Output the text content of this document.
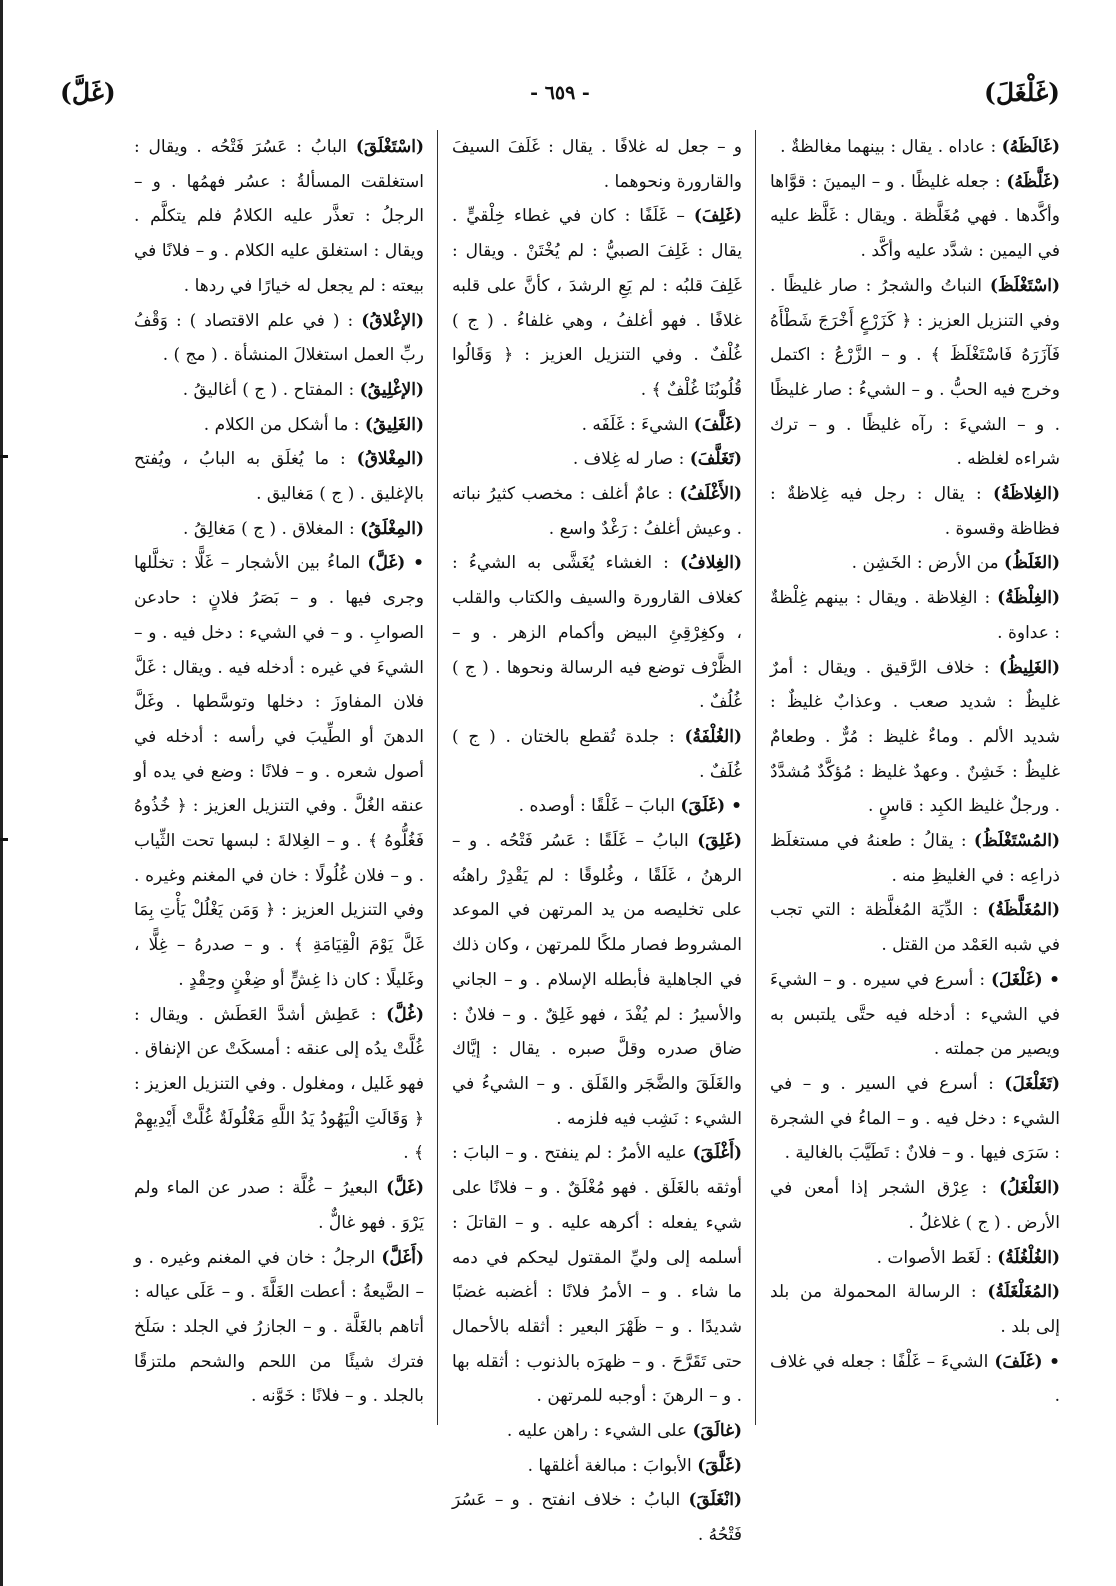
(غَلْغَلَ)
- ٦٥٩ -
(غَلَّ)

(غَالَظَهُ) : عاداه . يقال : بينهما مغالظةٌ .

(غَلَّظَهُ) : جعله غليظًا . و – اليمينَ : قوَّاها وأكَّدها . فهي مُغَلَّظة . ويقال : غَلَّظ عليه في اليمين : شدَّد عليه وأكَّد .

(اسْتَغْلَظَ) النباتُ والشجرُ : صار غليظًا . وفي التنزيل العزيز : ﴿ كَزَرْعٍ أَخْرَجَ شَطْأَهُ فَآزَرَهُ فَاسْتَغْلَظَ ﴾ . و – الزَّرْعُ : اكتمل وخرج فيه الحبُّ . و – الشيءُ : صار غليظًا . و – الشيءَ : رآه غليظًا . و – ترك شراءه لغلظه .

(الغِلاظَةُ) : يقال : رجل فيه غِلاظةٌ : فظاظة وقسوة .

(الغَلَظُ) من الأرض : الخَشِن .

(الغِلْظَةُ) : الغِلاظة . ويقال : بينهم غِلْظةٌ : عداوة .

(الغَلِيظُ) : خلاف الرَّقيق . ويقال : أمرٌ غليظٌ : شديد صعب . وعذابٌ غليظٌ : شديد الألم . وماءٌ غليظ : مُرٌّ . وطعامٌ غليظٌ : خَشِنٌ . وعهدٌ غليظ : مُؤكَّدٌ مُشدَّدٌ . ورجلٌ غليظ الكبِد : قاسٍ .

(المُسْتَغْلَظُ) : يقالُ : طعنهُ في مستغلَظ ذراعِه : في الغليظِ منه .

(المُغَلَّظَةُ) : الدِّيَة المُغلَّظة : التي تجب في شبه العَمْد من القتل .

• (غَلْغَلَ) : أسرع في سيره . و – الشيءَ في الشيء : أدخله فيه حتَّى يلتبس به ويصير من جملته .

(تَغَلْغَلَ) : أسرع في السير . و – في الشيء : دخل فيه . و – الماءُ في الشجرة : سَرَى فيها . و – فلانٌ : تَطَيَّبَ بالغالية .

(الغَلْغَلُ) : عِرْق الشجر إذا أمعن في الأرض . ( ج ) غلاغلُ .

(الغُلْغُلَةُ) : لَغَط الأصوات .

(المُغَلْغَلَةُ) : الرسالة المحمولة من بلد إلى بلد .

• (غَلَفَ) الشيءَ – غَلْفًا : جعله في غلاف .

و – جعل له غلافًا . يقال : غَلَفَ السيفَ والقارورة ونحوهما .

(غَلِفَ) – غَلَفًا : كان في غطاء خِلْقيٍّ . يقال : غَلِفَ الصبيُّ : لم يُخْتَنْ . ويقال : غَلِفَ قلبُه : لم يَعِ الرشدَ ، كأنَّ على قلبه غلافًا . فهو أغلفُ ، وهي غلفاءُ . ( ج ) غُلْفٌ . وفي التنزيل العزيز : ﴿ وَقَالُوا قُلُوبُنَا غُلْفٌ ﴾ .

(غَلَّفَ) الشيءَ : غَلَفَه .

(تَغَلَّفَ) : صار له غِلاف .

(الأَغْلَفُ) : عامٌ أغلف : مخصب كثيرُ نباته . وعيش أغلفُ : رَغْدٌ واسع .

(الغِلافُ) : الغشاء يُغَشَّى به الشيءُ : كغلاف القارورة والسيف والكتاب والقلب ، وكغِرْقِئِ البيض وأكمام الزهر . و – الظَّرْف توضع فيه الرسالة ونحوها . ( ج ) غُلُفٌ .

(الغُلْفَةُ) : جلدة تُقطع بالختان . ( ج ) غُلَفٌ .

• (غَلَقَ) البابَ – غَلْقًا : أوصده .

(غَلِقَ) البابُ – غَلَقًا : عَسُر فَتْحُه . و – الرهنُ ، غَلَقًا ، وغُلوقًا : لم يَقْدِرْ راهنُه على تخليصه من يد المرتهن في الموعد المشروط فصار ملكًا للمرتهن ، وكان ذلك في الجاهلية فأبطله الإسلام . و – الجاني والأسيرُ : لم يُفْدَ ، فهو غَلِقٌ . و – فلانٌ : ضاق صدره وقلَّ صبره . يقال : إيَّاك والغَلَقَ والضَّجَر والقَلَق . و – الشيءُ في الشيء : نَشِب فيه فلزمه .

(أَغْلَقَ) عليه الأمرُ : لم ينفتح . و – البابَ : أوثقه بالغَلَق . فهو مُغْلَقٌ . و – فلانًا على شيء يفعله : أكرهه عليه . و – القاتلَ : أسلمه إلى وليِّ المقتول ليحكم في دمه ما شاء . و – الأمرُ فلانًا : أغضبه غضبًا شديدًا . و – ظَهْرَ البعير : أثقله بالأحمال حتى تَقَرَّحَ . و – ظهرَه بالذنوب : أثقله بها . و – الرهنَ : أوجبه للمرتهن .

(غالَقَ) على الشيء : راهن عليه .

(غَلَّقَ) الأبوابَ : مبالغة أغلقها .

(انْغَلَقَ) البابُ : خلاف انفتح . و – عَسُرَ فَتْحُهُ .

(اسْتَغْلَقَ) البابُ : عَسُرَ فَتْحُه . ويقال : استغلقت المسألةُ : عسُر فهمُها . و – الرجلُ : تعذَّر عليه الكلامُ فلم يتكلَّم . ويقال : استغلق عليه الكلام . و – فلانًا في بيعته : لم يجعل له خيارًا في ردها .

(الإغْلاقُ) : ( في علم الاقتصاد ) : وَقْفُ ربِّ العمل استغلالَ المنشأة . ( مج ) .

(الإغْلِيقُ) : المفتاح . ( ج ) أغاليقُ .

(الغَلِيقُ) : ما أشكل من الكلام .

(المِغْلاقُ) : ما يُغلَق به البابُ ، ويُفتح بالإغليق . ( ج ) مَغاليق .

(المِغْلَقُ) : المغلاق . ( ج ) مَغالِقُ .

• (غَلَّ) الماءُ بين الأشجار – غَلًّا : تخلَّلها وجرى فيها . و – بَصَرُ فلانٍ : حادعن الصوابِ . و – في الشيء : دخل فيه . و – الشيءَ في غيره : أدخله فيه . ويقال : غَلَّ فلان المفاوزَ : دخلها وتوسَّطها . وغَلَّ الدهنَ أو الطِّيبَ في رأسه : أدخله في أصول شعره . و – فلانًا : وضع في يده أو عنقه الغُلَّ . وفي التنزيل العزيز : ﴿ خُذُوهُ فَغُلُّوهُ ﴾ . و – الغِلالةَ : لبسها تحت الثِّياب . و – فلان غُلُولًا : خان في المغنم وغيره . وفي التنزيل العزيز : ﴿ وَمَن يَغْلُلْ يَأْتِ بِمَا غَلَّ يَوْمَ الْقِيَامَةِ ﴾ . و – صدرهُ – غِلًّا ، وغَليلًا : كان ذا غِشٍّ أو ضِغْنٍ وحِقْدٍ .

(غُلَّ) : عَطِش أشدَّ العَطَش . ويقال : غُلَّتْ يدُه إلى عنقه : أمسكَتْ عن الإنفاق . فهو غَليل ، ومغلول . وفي التنزيل العزيز : ﴿ وَقَالَتِ الْيَهُودُ يَدُ اللَّهِ مَغْلُولَةٌ غُلَّتْ أَيْدِيهِمْ ﴾ .

(غَلَّ) البعيرُ – غُلَّة : صدر عن الماء ولم يَرْوَ . فهو غالٌّ .

(أَغَلَّ) الرجلُ : خان في المغنم وغيره . و – الضَّيعةُ : أعطت الغَلَّةَ . و – عَلَى عياله : أتاهم بالغَلَّة . و – الجازرُ في الجلد : سَلَخ فترك شيئًا من اللحم والشحم ملتزقًا بالجلد . و – فلانًا : خَوَّنه .
